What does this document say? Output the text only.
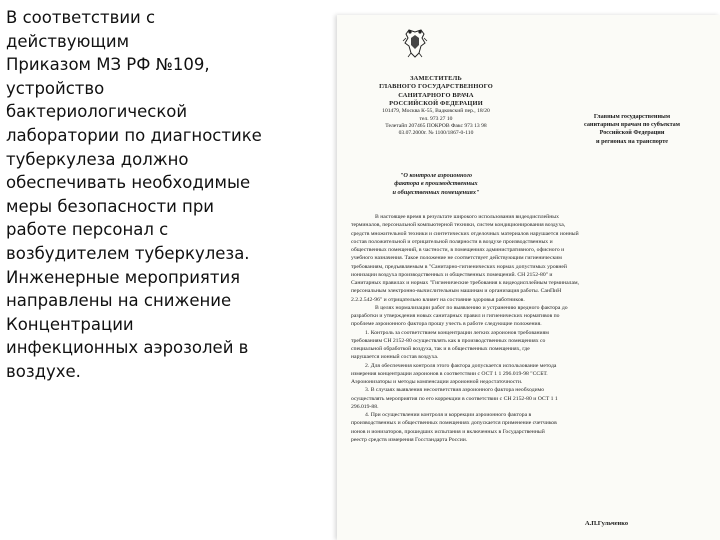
В соответствии с
действующим
Приказом МЗ РФ №109,
устройство
бактериологической
лаборатории по диагностике
туберкулеза должно
обеспечивать необходимые
меры безопасности при
работе персонал с
возбудителем туберкулеза.
Инженерные мероприятия
направлены на снижение
Концентрации
инфекционных аэрозолей в
воздухе.
ЗАМЕСТИТЕЛЬ
ГЛАВНОГО ГОСУДАРСТВЕННОГО
САНИТАРНОГО ВРАЧА
РОССИЙСКОЙ ФЕДЕРАЦИИ
101479, Москва К-55, Вадковский пер., 18/20
тел. 973 27 10
Телетайп 207465 ПОКРОВ Факс 973 13 98
03.07.2000г. № 1100/1867-0-110
Главным государственным
санитарным врачам по субъектам
Российской Федерации
и регионах на транспорте
"О контроле аэроионного
фактора в производственных
и общественных помещениях"
В настоящее время в результате широкого использования видеодисплейных
терминалов, персональной компьютерной техники, систем кондиционирования воздуха,
средств множительной техники и синтетических отделочных материалов нарушается ионный
состав положительной и отрицательной полярности в воздухе производственных и
общественных помещений, в частности, в помещениях административного, офисного и
учебного назначения. Такое положение не соответствует действующим гигиеническим
требованиям, предъявляемым в "Санитарно-гигиенических нормах допустимых уровней
ионизации воздуха производственных и общественных помещений. СН 2152-80" и
Санитарных правилах и нормах "Гигиенические требования к видеодисплейным терминалам,
персональным электронно-вычислительным машинам и организация работы. СанПиН
2.2.2.542-96" и отрицательно влияет на состояние здоровья работников.
В целях нормализации работ по выявлению и устранению вредного фактора до
разработки и утверждения новых санитарных правил и гигиенических нормативов по
проблеме аэроионного фактора прошу учесть в работе следующие положения.
1. Контроль за соответствием концентрации легких аэроионов требованиям
требованиям СН 2152-80 осуществлять как в производственных помещениях со
специальной обработкой воздуха, так и в общественных помещениях, где
нарушается ионный состав воздуха.
2. Для обеспечения контроля этого фактора допускается использование метода
измерения концентрации аэроионов в соответствии с ОСТ 1 1 296.019-98 "ССБТ.
Аэроионизаторы и методы компенсации аэроионной недостаточности.
3. В случаях выявления несоответствия аэроионного фактора необходимо
осуществлять мероприятия по его коррекции в соответствии с СН 2152-80 и ОСТ 1 1
296.019-88.
4. При осуществлении контроля и коррекции аэроионного фактора в
производственных и общественных помещениях допускается применение счетчиков
ионов и ионизаторов, прошедших испытания и включенных в Государственный
реестр средств измерения Госстандарта России.
А.П.Гульченко
